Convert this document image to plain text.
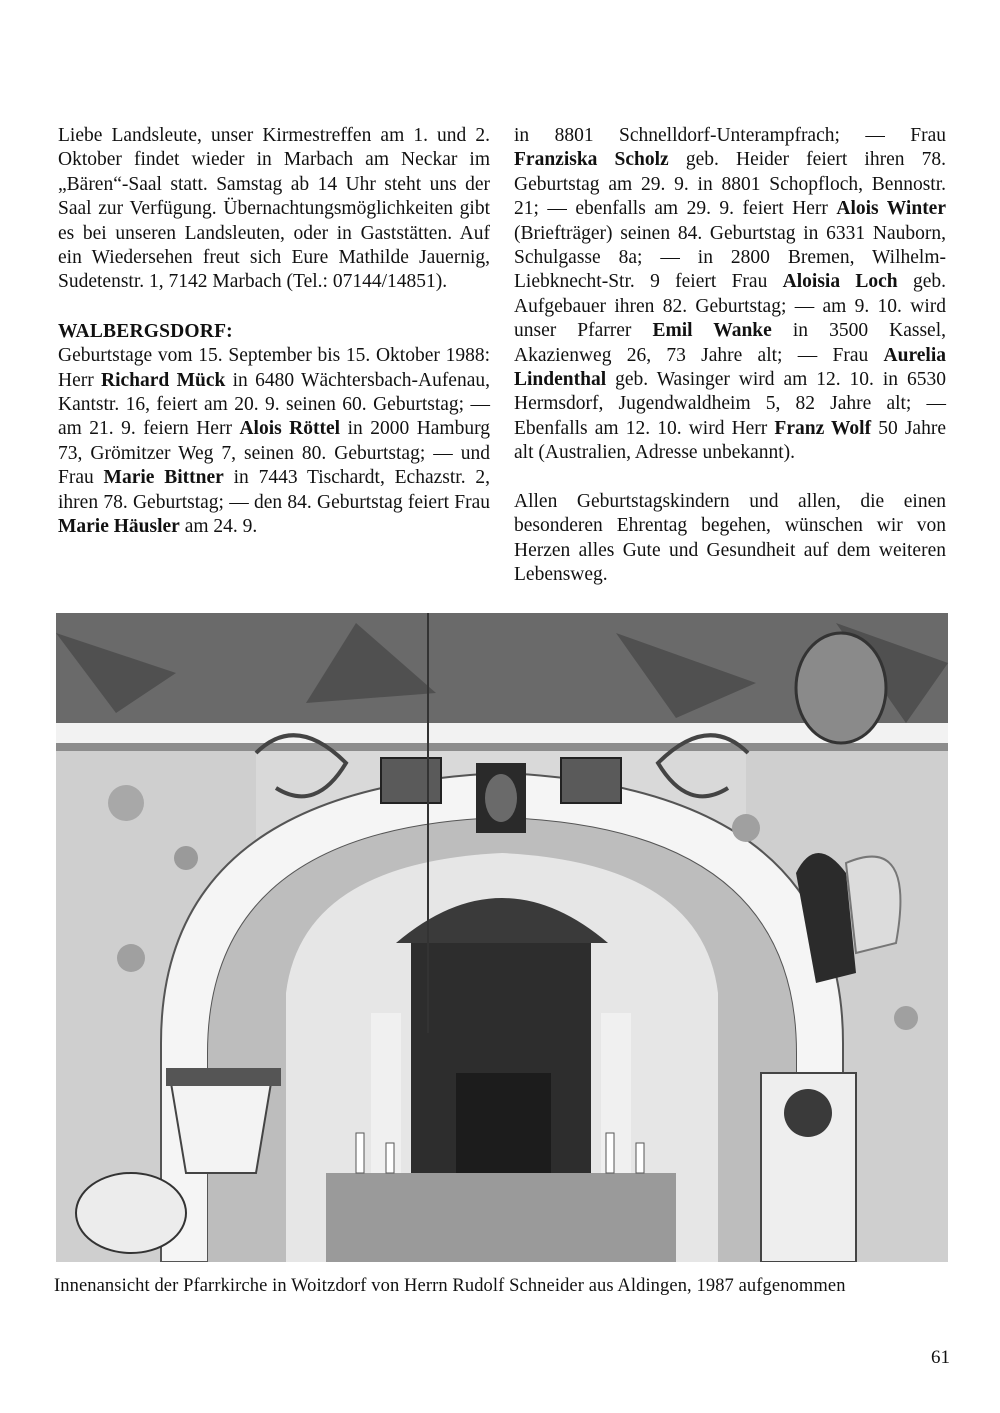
Liebe Landsleute, unser Kirmestreffen am 1. und 2. Oktober findet wieder in Marbach am Neckar im „Bären“-Saal statt. Samstag ab 14 Uhr steht uns der Saal zur Verfügung. Übernachtungsmöglichkeiten gibt es bei unseren Landsleuten, oder in Gaststätten. Auf ein Wiedersehen freut sich Eure Mathilde Jauernig, Sudetenstr. 1, 7142 Marbach (Tel.: 07144/14851).

WALBERGSDORF:

Geburtstage vom 15. September bis 15. Oktober 1988: Herr Richard Mück in 6480 Wächtersbach-Aufenau, Kantstr. 16, feiert am 20. 9. seinen 60. Geburtstag; — am 21. 9. feiern Herr Alois Röttel in 2000 Hamburg 73, Grömitzer Weg 7, seinen 80. Geburtstag; — und Frau Marie Bittner in 7443 Tischardt, Echazstr. 2, ihren 78. Geburtstag; — den 84. Geburtstag feiert Frau Marie Häusler am 24. 9.

in 8801 Schnelldorf-Unterampfrach; — Frau Franziska Scholz geb. Heider feiert ihren 78. Geburtstag am 29. 9. in 8801 Schopfloch, Bennostr. 21; — ebenfalls am 29. 9. feiert Herr Alois Winter (Briefträger) seinen 84. Geburtstag in 6331 Nauborn, Schulgasse 8a; — in 2800 Bremen, Wilhelm-Liebknecht-Str. 9 feiert Frau Aloisia Loch geb. Aufgebauer ihren 82. Geburtstag; — am 9. 10. wird unser Pfarrer Emil Wanke in 3500 Kassel, Akazienweg 26, 73 Jahre alt; — Frau Aurelia Lindenthal geb. Wasinger wird am 12. 10. in 6530 Hermsdorf, Jugendwaldheim 5, 82 Jahre alt; — Ebenfalls am 12. 10. wird Herr Franz Wolf 50 Jahre alt (Australien, Adresse unbekannt).

Allen Geburtstagskindern und allen, die einen besonderen Ehrentag begehen, wünschen wir von Herzen alles Gute und Gesundheit auf dem weiteren Lebensweg.

Innenansicht der Pfarrkirche in Woitzdorf von Herrn Rudolf Schneider aus Aldingen, 1987 aufgenommen
61
